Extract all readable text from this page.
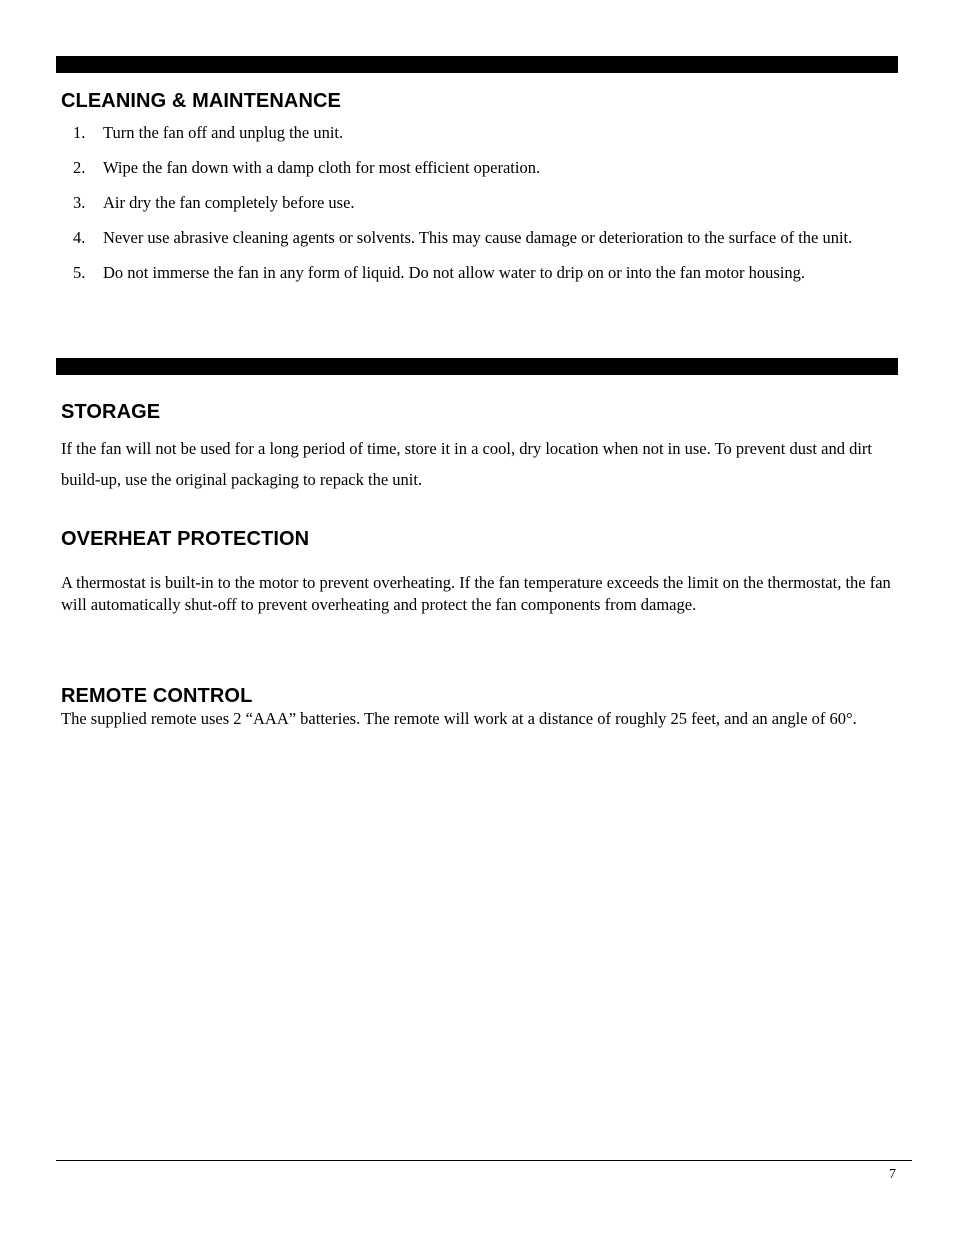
CLEANING & MAINTENANCE
1. Turn the fan off and unplug the unit.
2. Wipe the fan down with a damp cloth for most efficient operation.
3. Air dry the fan completely before use.
4. Never use abrasive cleaning agents or solvents. This may cause damage or deterioration to the surface of the unit.
5. Do not immerse the fan in any form of liquid. Do not allow water to drip on or into the fan motor housing.
STORAGE

If the fan will not be used for a long period of time, store it in a cool, dry location when not in use. To prevent dust and dirt build-up, use the original packaging to repack the unit.

OVERHEAT PROTECTION

A thermostat is built-in to the motor to prevent overheating. If the fan temperature exceeds the limit on the thermostat, the fan will automatically shut-off to prevent overheating and protect the fan components from damage.

REMOTE CONTROL

The supplied remote uses 2 “AAA” batteries. The remote will work at a distance of roughly 25 feet, and an angle of 60°.

7
